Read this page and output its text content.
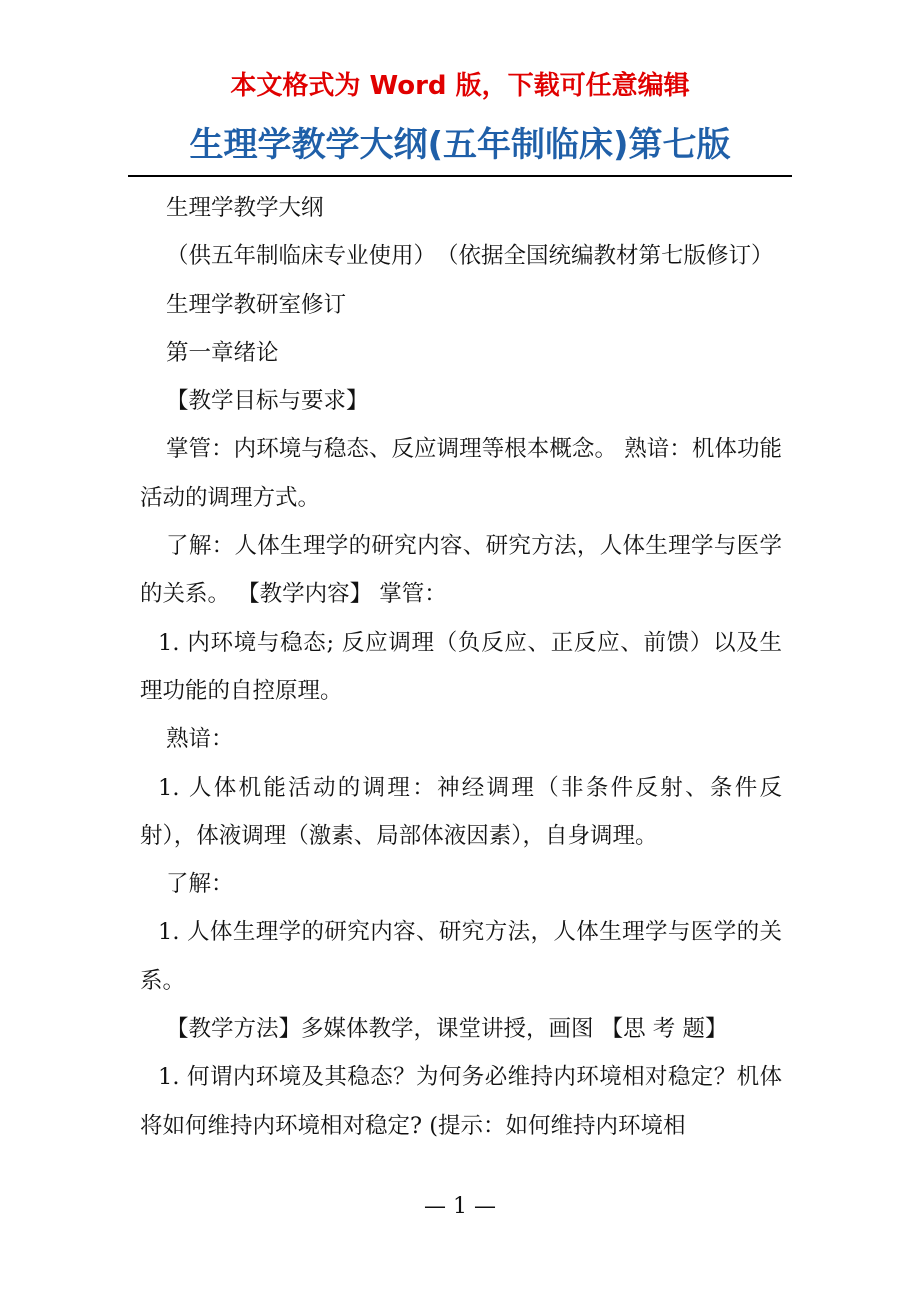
本文格式为 Word 版，下载可任意编辑
生理学教学大纲(五年制临床)第七版

生理学教学大纲

（供五年制临床专业使用）　（依据全国统编教材第七版修订）

生理学教研室修订

第一章绪论

【教学目标与要求】

掌管：内环境与稳态、反应调理等根本概念。 熟谙：机体功能活动的调理方式。

了解：人体生理学的研究内容、研究方法，人体生理学与医学的关系。 【教学内容】 掌管：

1. 内环境与稳态; 反应调理（负反应、正反应、前馈）以及生理功能的自控原理。

熟谙：

1. 人体机能活动的调理：神经调理（非条件反射、条件反射），体液调理（激素、局部体液因素），自身调理。

了解：

1. 人体生理学的研究内容、研究方法，人体生理学与医学的关系。

【教学方法】多媒体教学，课堂讲授，画图 【思 考 题】

1. 何谓内环境及其稳态？为何务必维持内环境相对稳定？机体将如何维持内环境相对稳定? (提示：如何维持内环境相

— 1 —
